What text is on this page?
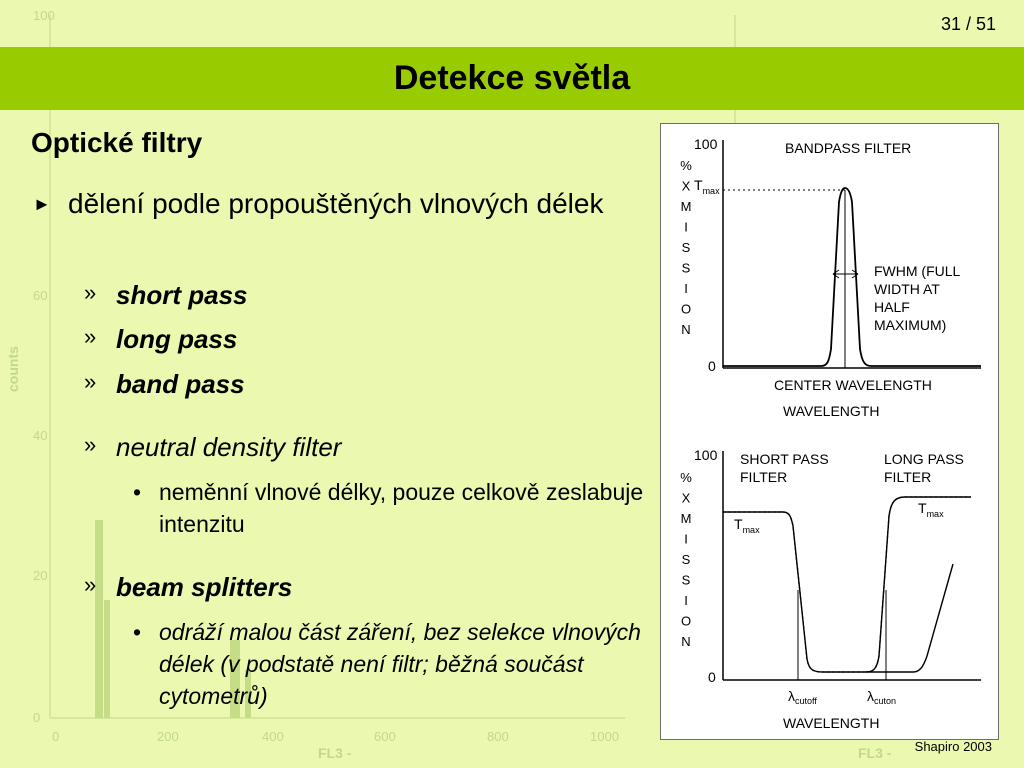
100
60
40
20
0
0	200	400	600	800	1000
counts
FL3 -	FL3 -
31 / 51
Detekce světla
Optické filtry
► dělení podle propouštěných vlnových délek
» short pass
» long pass
» band pass
» neutral density filter
• neměnní vlnové délky, pouze celkově zeslabuje intenzitu
» beam splitters
• odráží malou část záření, bez selekce vlnových délek (v podstatě není filtr; běžná součást cytometrů)
BANDPASS FILTER
100
0
%
X
M
I
S
S
I
O
N
$T_{max}$
FWHM (FULL
WIDTH AT
HALF
MAXIMUM)
CENTER WAVELENGTH
WAVELENGTH
100
0
%
X
M
I
S
S
I
O
N
SHORT PASS
FILTER
LONG PASS
FILTER
$T_{max}$
$T_{max}$
$\lambda_{cutoff}$	$\lambda_{cuton}$
WAVELENGTH
Shapiro 2003
